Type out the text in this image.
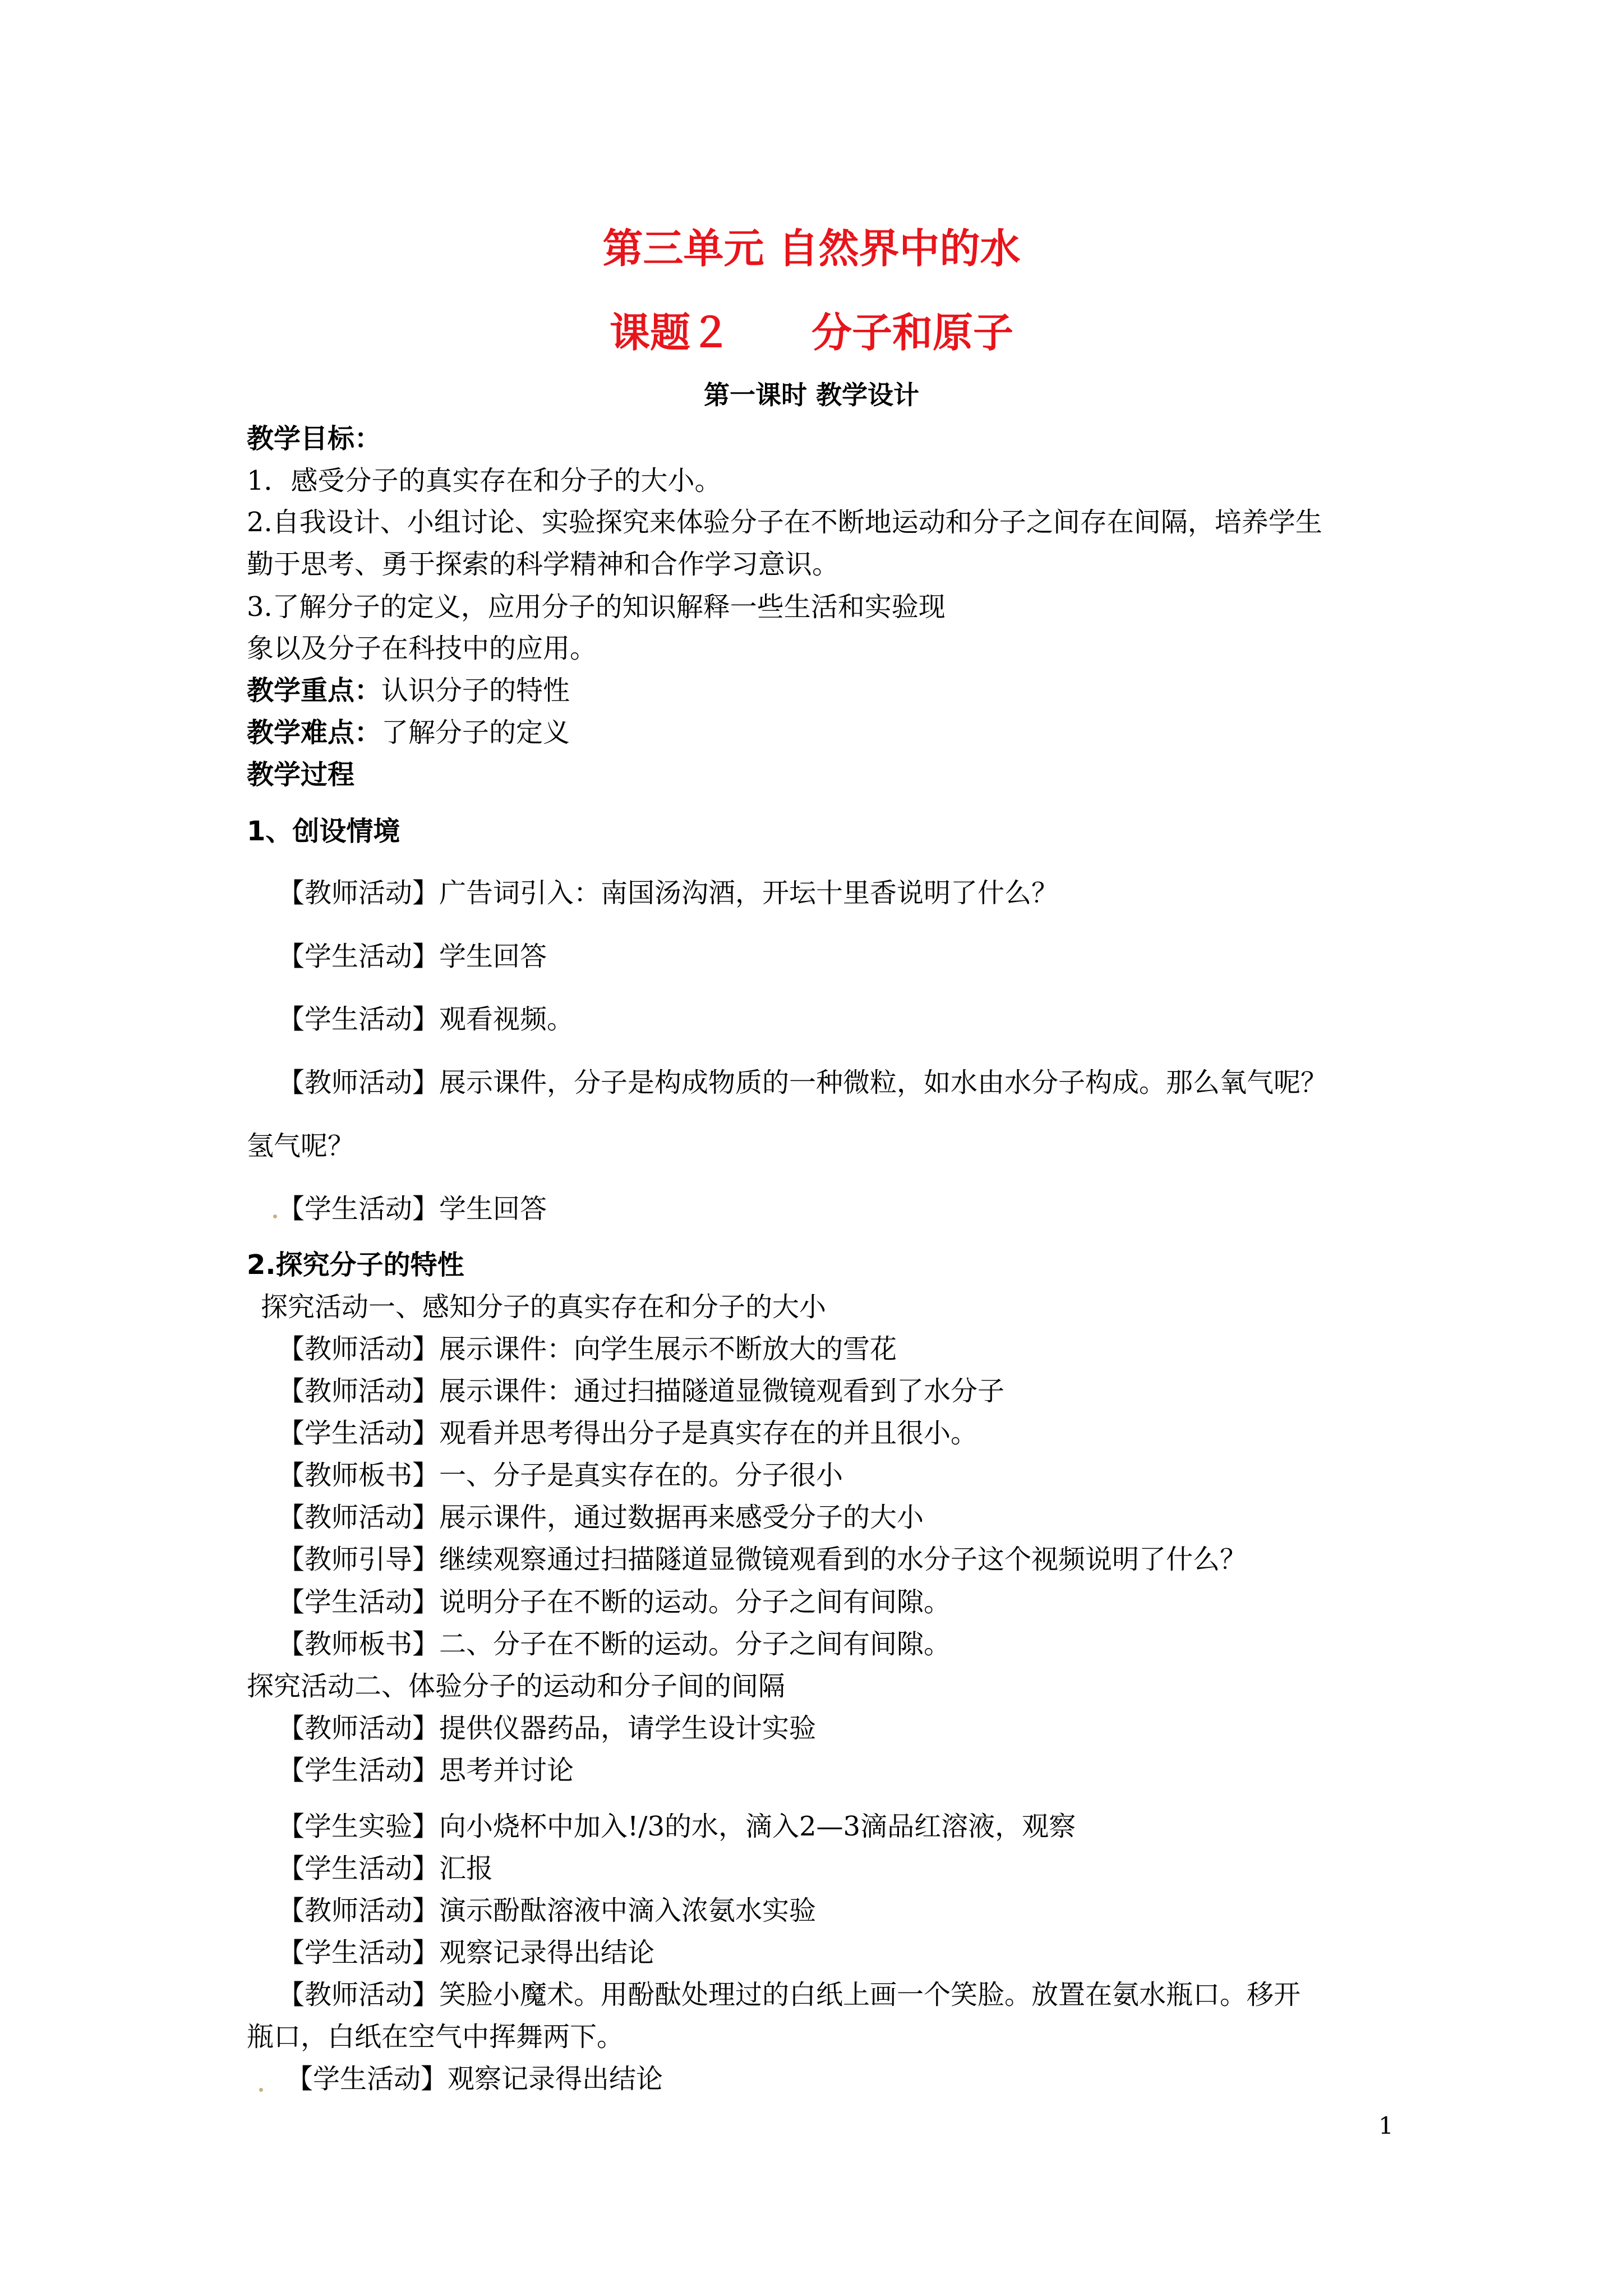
第三单元 自然界中的水
课题２　　分子和原子
第一课时 教学设计
教学目标：
1．感受分子的真实存在和分子的大小。
2.自我设计、小组讨论、实验探究来体验分子在不断地运动和分子之间存在间隔，培养学生
勤于思考、勇于探索的科学精神和合作学习意识。
3.了解分子的定义，应用分子的知识解释一些生活和实验现
象以及分子在科技中的应用。
教学重点：认识分子的特性
教学难点：了解分子的定义
教学过程
1、创设情境
【教师活动】广告词引入：南国汤沟酒，开坛十里香说明了什么？
【学生活动】学生回答
【学生活动】观看视频。
【教师活动】展示课件，分子是构成物质的一种微粒，如水由水分子构成。那么氧气呢？
氢气呢？
【学生活动】学生回答
2.探究分子的特性
探究活动一、感知分子的真实存在和分子的大小
【教师活动】展示课件：向学生展示不断放大的雪花
【教师活动】展示课件：通过扫描隧道显微镜观看到了水分子
【学生活动】观看并思考得出分子是真实存在的并且很小。
【教师板书】一、分子是真实存在的。分子很小
【教师活动】展示课件，通过数据再来感受分子的大小
【教师引导】继续观察通过扫描隧道显微镜观看到的水分子这个视频说明了什么？
【学生活动】说明分子在不断的运动。分子之间有间隙。
【教师板书】二、分子在不断的运动。分子之间有间隙。
探究活动二、体验分子的运动和分子间的间隔
【教师活动】提供仪器药品，请学生设计实验
【学生活动】思考并讨论
【学生实验】向小烧杯中加入!/3的水，滴入2—3滴品红溶液，观察
【学生活动】汇报
【教师活动】演示酚酞溶液中滴入浓氨水实验
【学生活动】观察记录得出结论
【教师活动】笑脸小魔术。用酚酞处理过的白纸上画一个笑脸。放置在氨水瓶口。移开
瓶口，白纸在空气中挥舞两下。
【学生活动】观察记录得出结论
1
